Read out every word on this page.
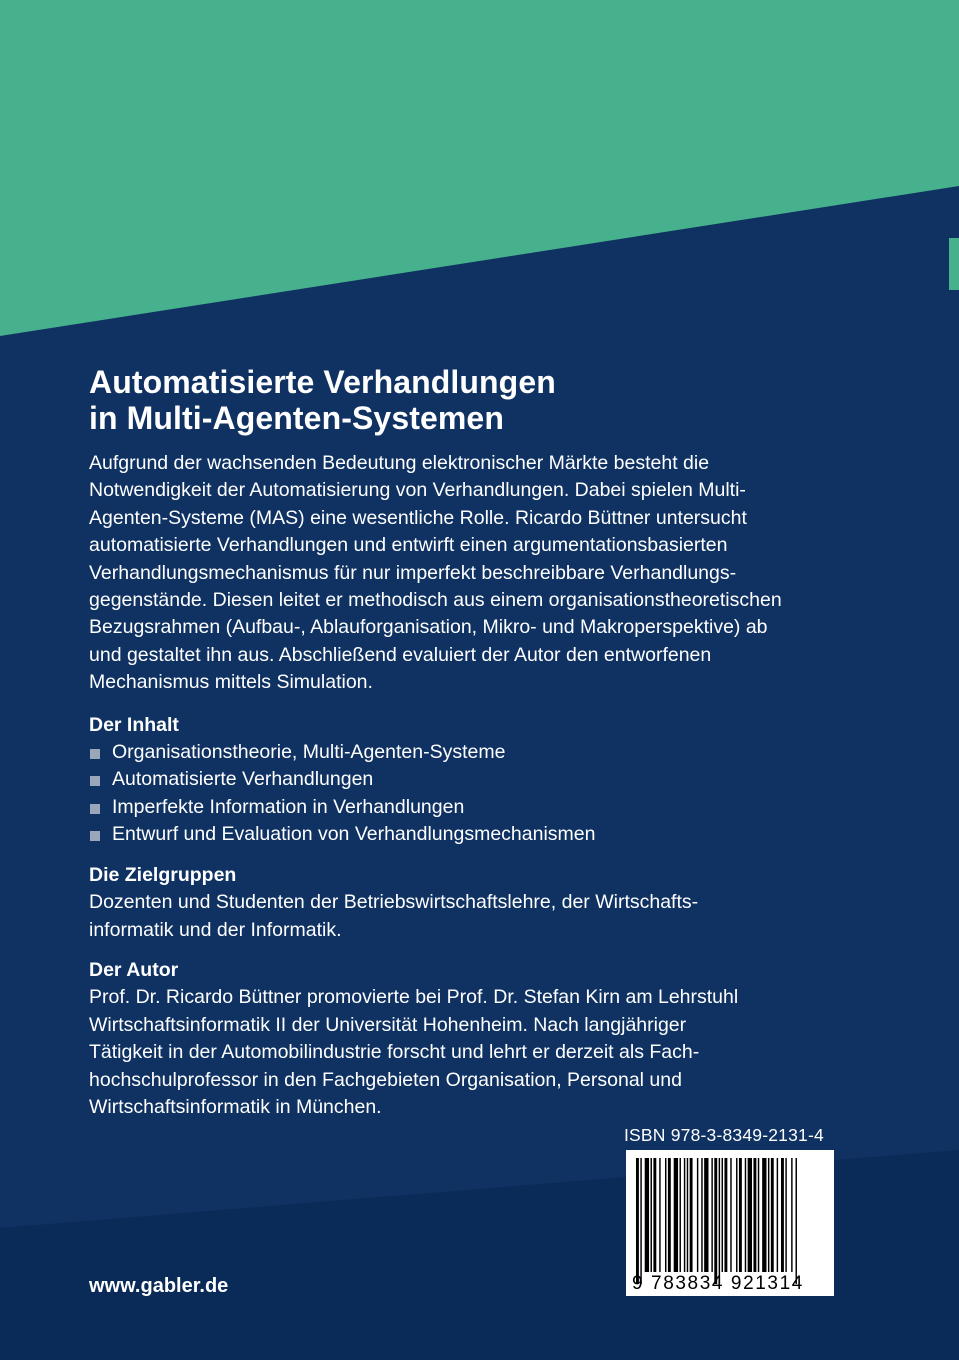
Automatisierte Verhandlungen
in Multi-Agenten-Systemen

Aufgrund der wachsenden Bedeutung elektronischer Märkte besteht die
Notwendigkeit der Automatisierung von Verhandlungen. Dabei spielen Multi-
Agenten-Systeme (MAS) eine wesentliche Rolle. Ricardo Büttner untersucht
automatisierte Verhandlungen und entwirft einen argumentationsbasierten
Verhandlungsmechanismus für nur imperfekt beschreibbare Verhandlungs-
gegenstände. Diesen leitet er methodisch aus einem organisationstheoretischen
Bezugsrahmen (Aufbau-, Ablauforganisation, Mikro- und Makroperspektive) ab
und gestaltet ihn aus. Abschließend evaluiert der Autor den entworfenen
Mechanismus mittels Simulation.

Der Inhalt

Organisationstheorie, Multi-Agenten-Systeme
Automatisierte Verhandlungen
Imperfekte Information in Verhandlungen
Entwurf und Evaluation von Verhandlungsmechanismen

Die Zielgruppen

Dozenten und Studenten der Betriebswirtschaftslehre, der Wirtschafts-
informatik und der Informatik.

Der Autor

Prof. Dr. Ricardo Büttner promovierte bei Prof. Dr. Stefan Kirn am Lehrstuhl
Wirtschaftsinformatik II der Universität Hohenheim. Nach langjähriger
Tätigkeit in der Automobilindustrie forscht und lehrt er derzeit als Fach-
hochschulprofessor in den Fachgebieten Organisation, Personal und
Wirtschaftsinformatik in München.

ISBN 978-3-8349-2131-4
9 783834 921314
www.gabler.de
